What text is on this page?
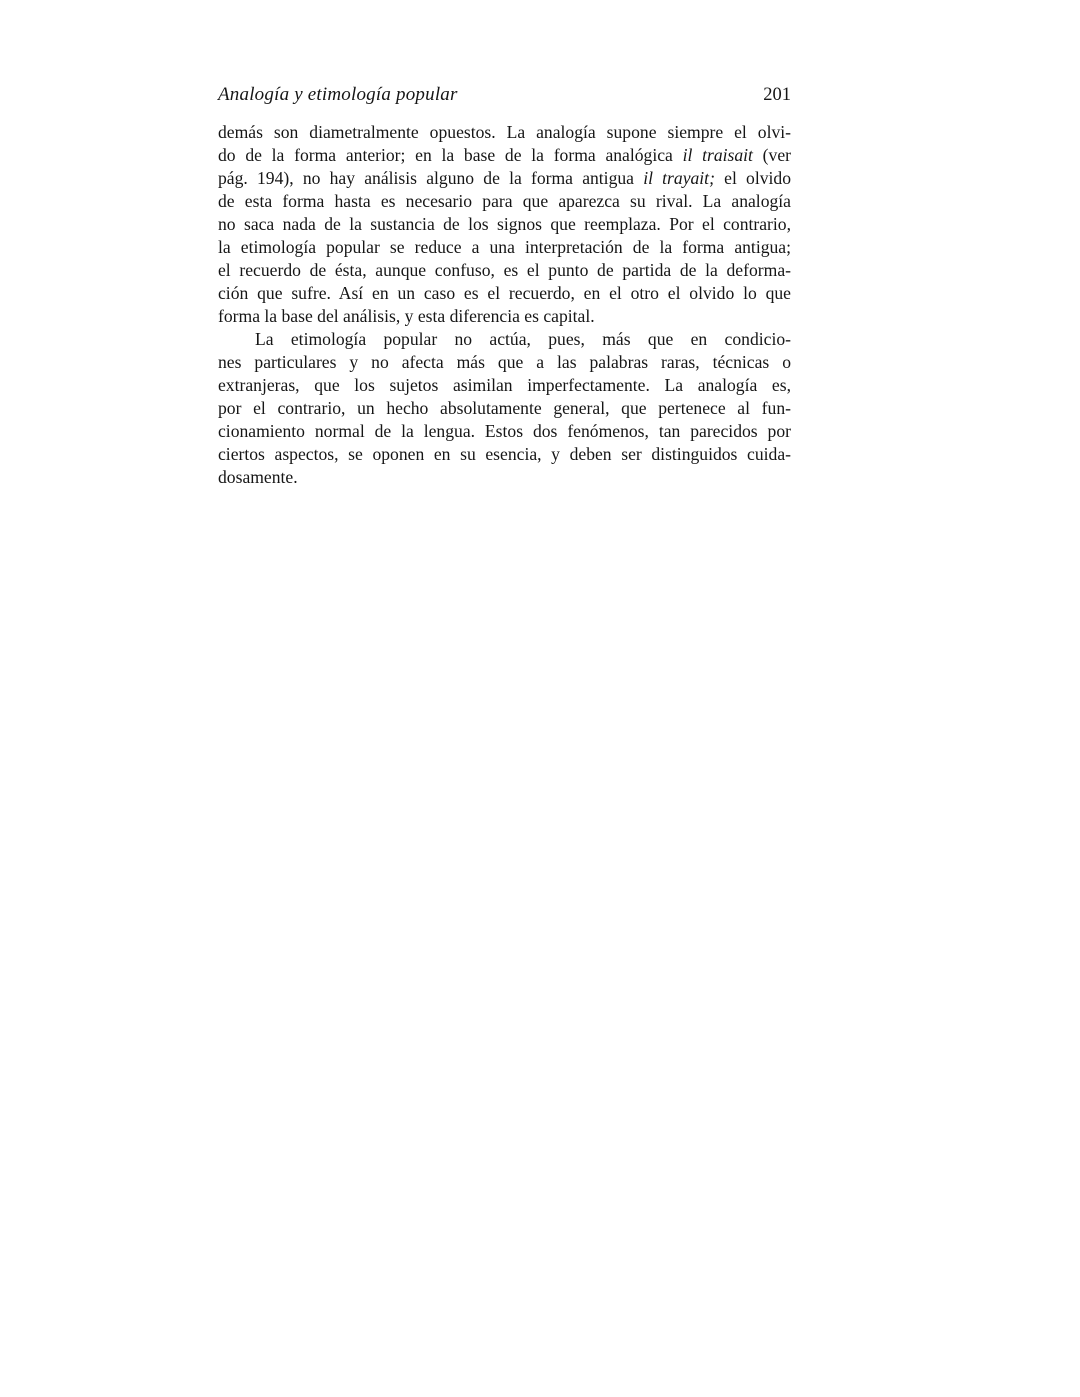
Analogía y etimología popular	201
demás son diametralmente opuestos. La analogía supone siempre el olvi-
do de la forma anterior; en la base de la forma analógica il traisait (ver
pág. 194), no hay análisis alguno de la forma antigua il trayait; el olvido
de esta forma hasta es necesario para que aparezca su rival. La analogía
no saca nada de la sustancia de los signos que reemplaza. Por el contrario,
la etimología popular se reduce a una interpretación de la forma antigua;
el recuerdo de ésta, aunque confuso, es el punto de partida de la deforma-
ción que sufre. Así en un caso es el recuerdo, en el otro el olvido lo que
forma la base del análisis, y esta diferencia es capital.
La etimología popular no actúa, pues, más que en condicio-
nes particulares y no afecta más que a las palabras raras, técnicas o
extranjeras, que los sujetos asimilan imperfectamente. La analogía es,
por el contrario, un hecho absolutamente general, que pertenece al fun-
cionamiento normal de la lengua. Estos dos fenómenos, tan parecidos por
ciertos aspectos, se oponen en su esencia, y deben ser distinguidos cuida-
dosamente.
